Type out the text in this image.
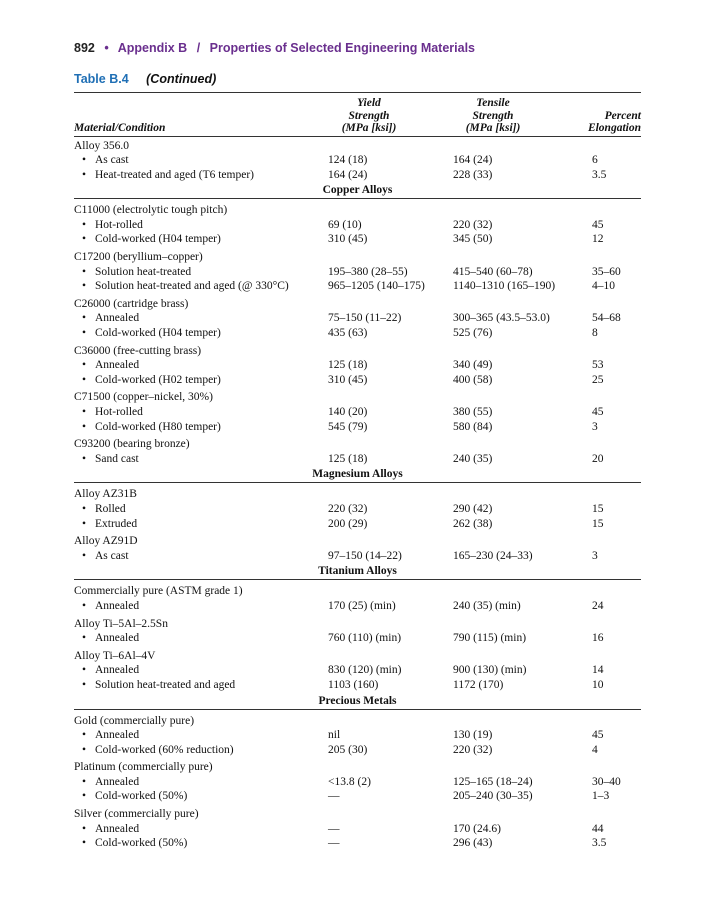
892 • Appendix B / Properties of Selected Engineering Materials
Table B.4 (Continued)
Material/Condition
Yield
Strength
(MPa [ksi])
Tensile
Strength
(MPa [ksi])
Percent
Elongation
Alloy 356.0
• As cast	124 (18)	164 (24)	6
• Heat-treated and aged (T6 temper)	164 (24)	228 (33)	3.5
Copper Alloys
C11000 (electrolytic tough pitch)
• Hot-rolled	69 (10)	220 (32)	45
• Cold-worked (H04 temper)	310 (45)	345 (50)	12
C17200 (beryllium–copper)
• Solution heat-treated	195–380 (28–55)	415–540 (60–78)	35–60
• Solution heat-treated and aged (@ 330°C)	965–1205 (140–175) 1140–1310 (165–190)	4–10
C26000 (cartridge brass)
• Annealed	75–150 (11–22)	300–365 (43.5–53.0)	54–68
• Cold-worked (H04 temper)	435 (63)	525 (76)	8
C36000 (free-cutting brass)
• Annealed	125 (18)	340 (49)	53
• Cold-worked (H02 temper)	310 (45)	400 (58)	25
C71500 (copper–nickel, 30%)
• Hot-rolled	140 (20)	380 (55)	45
• Cold-worked (H80 temper)	545 (79)	580 (84)	3
C93200 (bearing bronze)
• Sand cast	125 (18)	240 (35)	20
Magnesium Alloys
Alloy AZ31B
• Rolled	220 (32)	290 (42)	15
• Extruded	200 (29)	262 (38)	15
Alloy AZ91D
• As cast	97–150 (14–22)	165–230 (24–33)	3
Titanium Alloys
Commercially pure (ASTM grade 1)
• Annealed	170 (25) (min)	240 (35) (min)	24
Alloy Ti–5Al–2.5Sn
• Annealed	760 (110) (min)	790 (115) (min)	16
Alloy Ti–6Al–4V
• Annealed	830 (120) (min)	900 (130) (min)	14
• Solution heat-treated and aged	1103 (160)	1172 (170)	10
Precious Metals
Gold (commercially pure)
• Annealed	nil	130 (19)	45
• Cold-worked (60% reduction)	205 (30)	220 (32)	4
Platinum (commercially pure)
• Annealed	<13.8 (2)	125–165 (18–24)	30–40
• Cold-worked (50%)	—	205–240 (30–35)	1–3
Silver (commercially pure)
• Annealed	—	170 (24.6)	44
• Cold-worked (50%)	—	296 (43)	3.5
